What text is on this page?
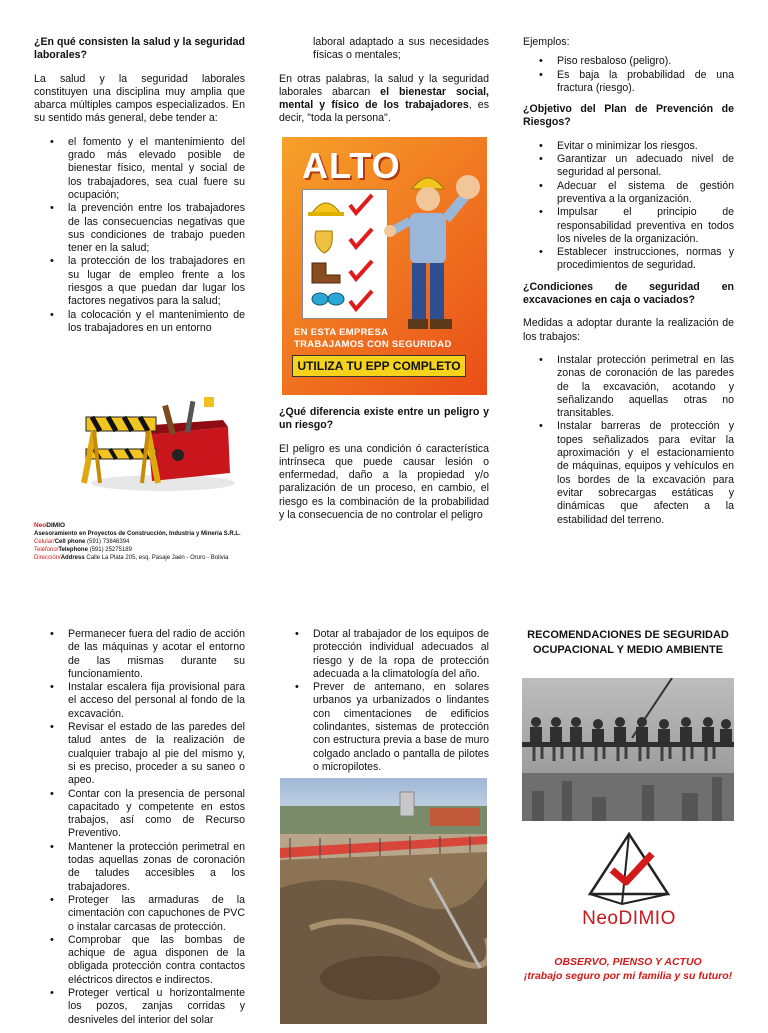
¿En qué consisten la salud y la seguridad laborales?

La salud y la seguridad laborales constituyen una disciplina muy amplia que abarca múltiples campos especializados. En su sentido más general, debe tender a:

• el fomento y el mantenimiento del grado más elevado posible de bienestar físico, mental y social de los trabajadores, sea cual fuere su ocupación;
• la prevención entre los trabajadores de las consecuencias negativas que sus condiciones de trabajo pueden tener en la salud;
• la protección de los trabajadores en su lugar de empleo frente a los riesgos a que puedan dar lugar los factores negativos para la salud;
• la colocación y el mantenimiento de los trabajadores en un entorno
NeoDIMIO
Asesoramiento en Proyectos de Construcción, Industria y Minería S.R.L.
Celular/Cell phone (591) 73846394
Teléfono/Telephone (591) 25275189
Dirección/Address Calle La Plata 205, esq. Pasaje Jaén - Oruro - Bolivia

laboral adaptado a sus necesidades físicas o mentales;

En otras palabras, la salud y la seguridad laborales abarcan el bienestar social, mental y físico de los trabajadores, es decir, "toda la persona".

ALTO
EN ESTA EMPRESA
TRABAJAMOS CON SEGURIDAD
UTILIZA TU EPP COMPLETO
¿Qué diferencia existe entre un peligro y un riesgo?

El peligro es una condición ó característica intrínseca que puede causar lesión o enfermedad, daño a la propiedad y/o paralización de un proceso, en cambio, el riesgo es la combinación de la probabilidad y la consecuencia de no controlar el peligro

Ejemplos:

• Piso resbaloso (peligro).
• Es baja la probabilidad de una fractura (riesgo).
¿Objetivo del Plan de Prevención de Riesgos?
• Evitar o minimizar los riesgos.
• Garantizar un adecuado nivel de seguridad al personal.
• Adecuar el sistema de gestión preventiva a la organización.
• Impulsar el principio de responsabilidad preventiva en todos los niveles de la organización.
• Establecer instrucciones, normas y procedimientos de seguridad.
¿Condiciones de seguridad en excavaciones en caja o vaciados?

Medidas a adoptar durante la realización de los trabajos:

• Instalar protección perimetral en las zonas de coronación de las paredes de la excavación, acotando y señalizando aquellas otras no transitables.
• Instalar barreras de protección y topes señalizados para evitar la aproximación y el estacionamiento de máquinas, equipos y vehículos en los bordes de la excavación para evitar sobrecargas estáticas y dinámicas que afecten a la estabilidad del terreno.
• Permanecer fuera del radio de acción de las máquinas y acotar el entorno de las mismas durante su funcionamiento.
• Instalar escalera fija provisional para el acceso del personal al fondo de la excavación.
• Revisar el estado de las paredes del talud antes de la realización de cualquier trabajo al pie del mismo y, si es preciso, proceder a su saneo o apeo.
• Contar con la presencia de personal capacitado y competente en estos trabajos, así como de Recurso Preventivo.
• Mantener la protección perimetral en todas aquellas zonas de coronación de taludes accesibles a los trabajadores.
• Proteger las armaduras de la cimentación con capuchones de PVC o instalar carcasas de protección.
• Comprobar que las bombas de achique de agua disponen de la obligada protección contra contactos eléctricos directos e indirectos.
• Proteger vertical u horizontalmente los pozos, zanjas corridas y desniveles del interior del solar
• Dotar al trabajador de los equipos de protección individual adecuados al riesgo y de la ropa de protección adecuada a la climatología del año.
• Prever de antemano, en solares urbanos ya urbanizados o lindantes con cimentaciones de edificios colindantes, sistemas de protección con estructura previa a base de muro colgado anclado o pantalla de pilotes o micropilotes.
RECOMENDACIONES DE SEGURIDAD OCUPACIONAL Y MEDIO AMBIENTE
NeoDIMIO
OBSERVO, PIENSO Y ACTUO
¡trabajo seguro por mi familia y su futuro!
